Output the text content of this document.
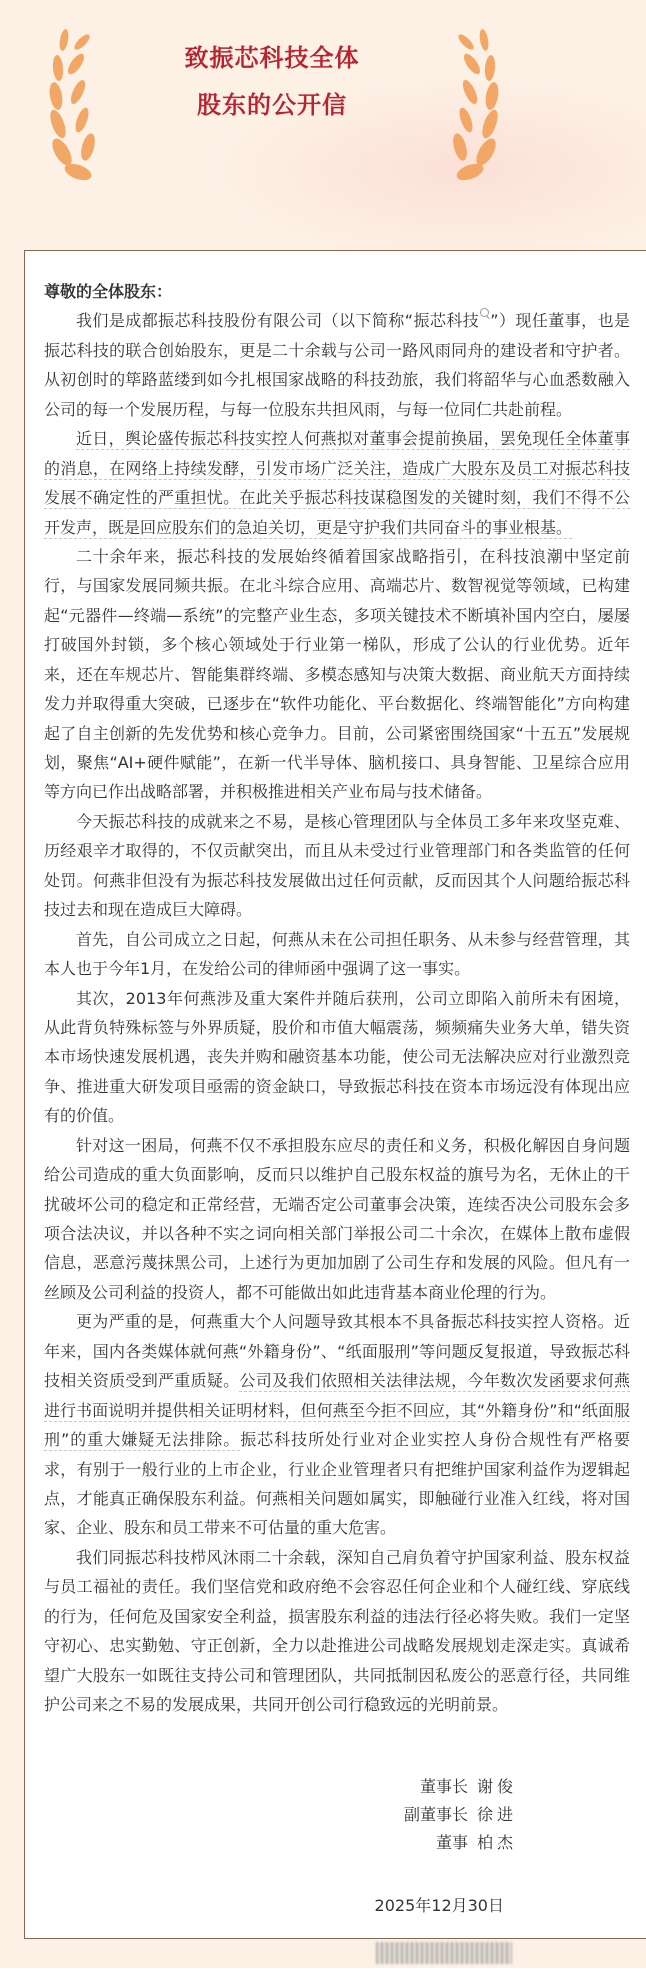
致振芯科技全体
股东的公开信
尊敬的全体股东：
我们是成都振芯科技股份有限公司（以下简称“振芯科技 ”）现任董事，也是
振芯科技的联合创始股东，更是二十余载与公司一路风雨同舟的建设者和守护者。
从初创时的筚路蓝缕到如今扎根国家战略的科技劲旅，我们将韶华与心血悉数融入
公司的每一个发展历程，与每一位股东共担风雨，与每一位同仁共赴前程。
近日，舆论盛传振芯科技实控人何燕拟对董事会提前换届，罢免现任全体董事
的消息，在网络上持续发酵，引发市场广泛关注，造成广大股东及员工对振芯科技
发展不确定性的严重担忧。在此关乎振芯科技谋稳图发的关键时刻，我们不得不公
开发声，既是回应股东们的急迫关切，更是守护我们共同奋斗的事业根基。
二十余年来，振芯科技的发展始终循着国家战略指引，在科技浪潮中坚定前
行，与国家发展同频共振。在北斗综合应用、高端芯片、数智视觉等领域，已构建
起“元器件—终端—系统”的完整产业生态，多项关键技术不断填补国内空白，屡屡
打破国外封锁，多个核心领域处于行业第一梯队，形成了公认的行业优势。近年
来，还在车规芯片、智能集群终端、多模态感知与决策大数据、商业航天方面持续
发力并取得重大突破，已逐步在“软件功能化、平台数据化、终端智能化”方向构建
起了自主创新的先发优势和核心竞争力。目前，公司紧密围绕国家“十五五”发展规
划，聚焦“AI+硬件赋能”，在新一代半导体、脑机接口、具身智能、卫星综合应用
等方向已作出战略部署，并积极推进相关产业布局与技术储备。
今天振芯科技的成就来之不易，是核心管理团队与全体员工多年来攻坚克难、
历经艰辛才取得的，不仅贡献突出，而且从未受过行业管理部门和各类监管的任何
处罚。何燕非但没有为振芯科技发展做出过任何贡献，反而因其个人问题给振芯科
技过去和现在造成巨大障碍。
首先，自公司成立之日起，何燕从未在公司担任职务、从未参与经营管理，其
本人也于今年1月，在发给公司的律师函中强调了这一事实。
其次，2013年何燕涉及重大案件并随后获刑，公司立即陷入前所未有困境，
从此背负特殊标签与外界质疑，股价和市值大幅震荡，频频痛失业务大单，错失资
本市场快速发展机遇，丧失并购和融资基本功能，使公司无法解决应对行业激烈竞
争、推进重大研发项目亟需的资金缺口，导致振芯科技在资本市场远没有体现出应
有的价值。
针对这一困局，何燕不仅不承担股东应尽的责任和义务，积极化解因自身问题
给公司造成的重大负面影响，反而只以维护自己股东权益的旗号为名，无休止的干
扰破坏公司的稳定和正常经营，无端否定公司董事会决策，连续否决公司股东会多
项合法决议，并以各种不实之词向相关部门举报公司二十余次，在媒体上散布虚假
信息，恶意污蔑抹黑公司，上述行为更加加剧了公司生存和发展的风险。但凡有一
丝顾及公司利益的投资人，都不可能做出如此违背基本商业伦理的行为。
更为严重的是，何燕重大个人问题导致其根本不具备振芯科技实控人资格。近
年来，国内各类媒体就何燕“外籍身份”、“纸面服刑”等问题反复报道，导致振芯科
技相关资质受到严重质疑。公司及我们依照相关法律法规，今年数次发函要求何燕
进行书面说明并提供相关证明材料，但何燕至今拒不回应，其“外籍身份”和“纸面服
刑”的重大嫌疑无法排除。振芯科技所处行业对企业实控人身份合规性有严格要
求，有别于一般行业的上市企业，行业企业管理者只有把维护国家利益作为逻辑起
点，才能真正确保股东利益。何燕相关问题如属实，即触碰行业准入红线，将对国
家、企业、股东和员工带来不可估量的重大危害。
我们同振芯科技栉风沐雨二十余载，深知自己肩负着守护国家利益、股东权益
与员工福祉的责任。我们坚信党和政府绝不会容忍任何企业和个人碰红线、穿底线
的行为，任何危及国家安全利益，损害股东利益的违法行径必将失败。我们一定坚
守初心、忠实勤勉、守正创新，全力以赴推进公司战略发展规划走深走实。真诚希
望广大股东一如既往支持公司和管理团队，共同抵制因私废公的恶意行径，共同维
护公司来之不易的发展成果，共同开创公司行稳致远的光明前景。
董事长 谢俊
副董事长 徐进
董事 柏杰
2025年12月30日
